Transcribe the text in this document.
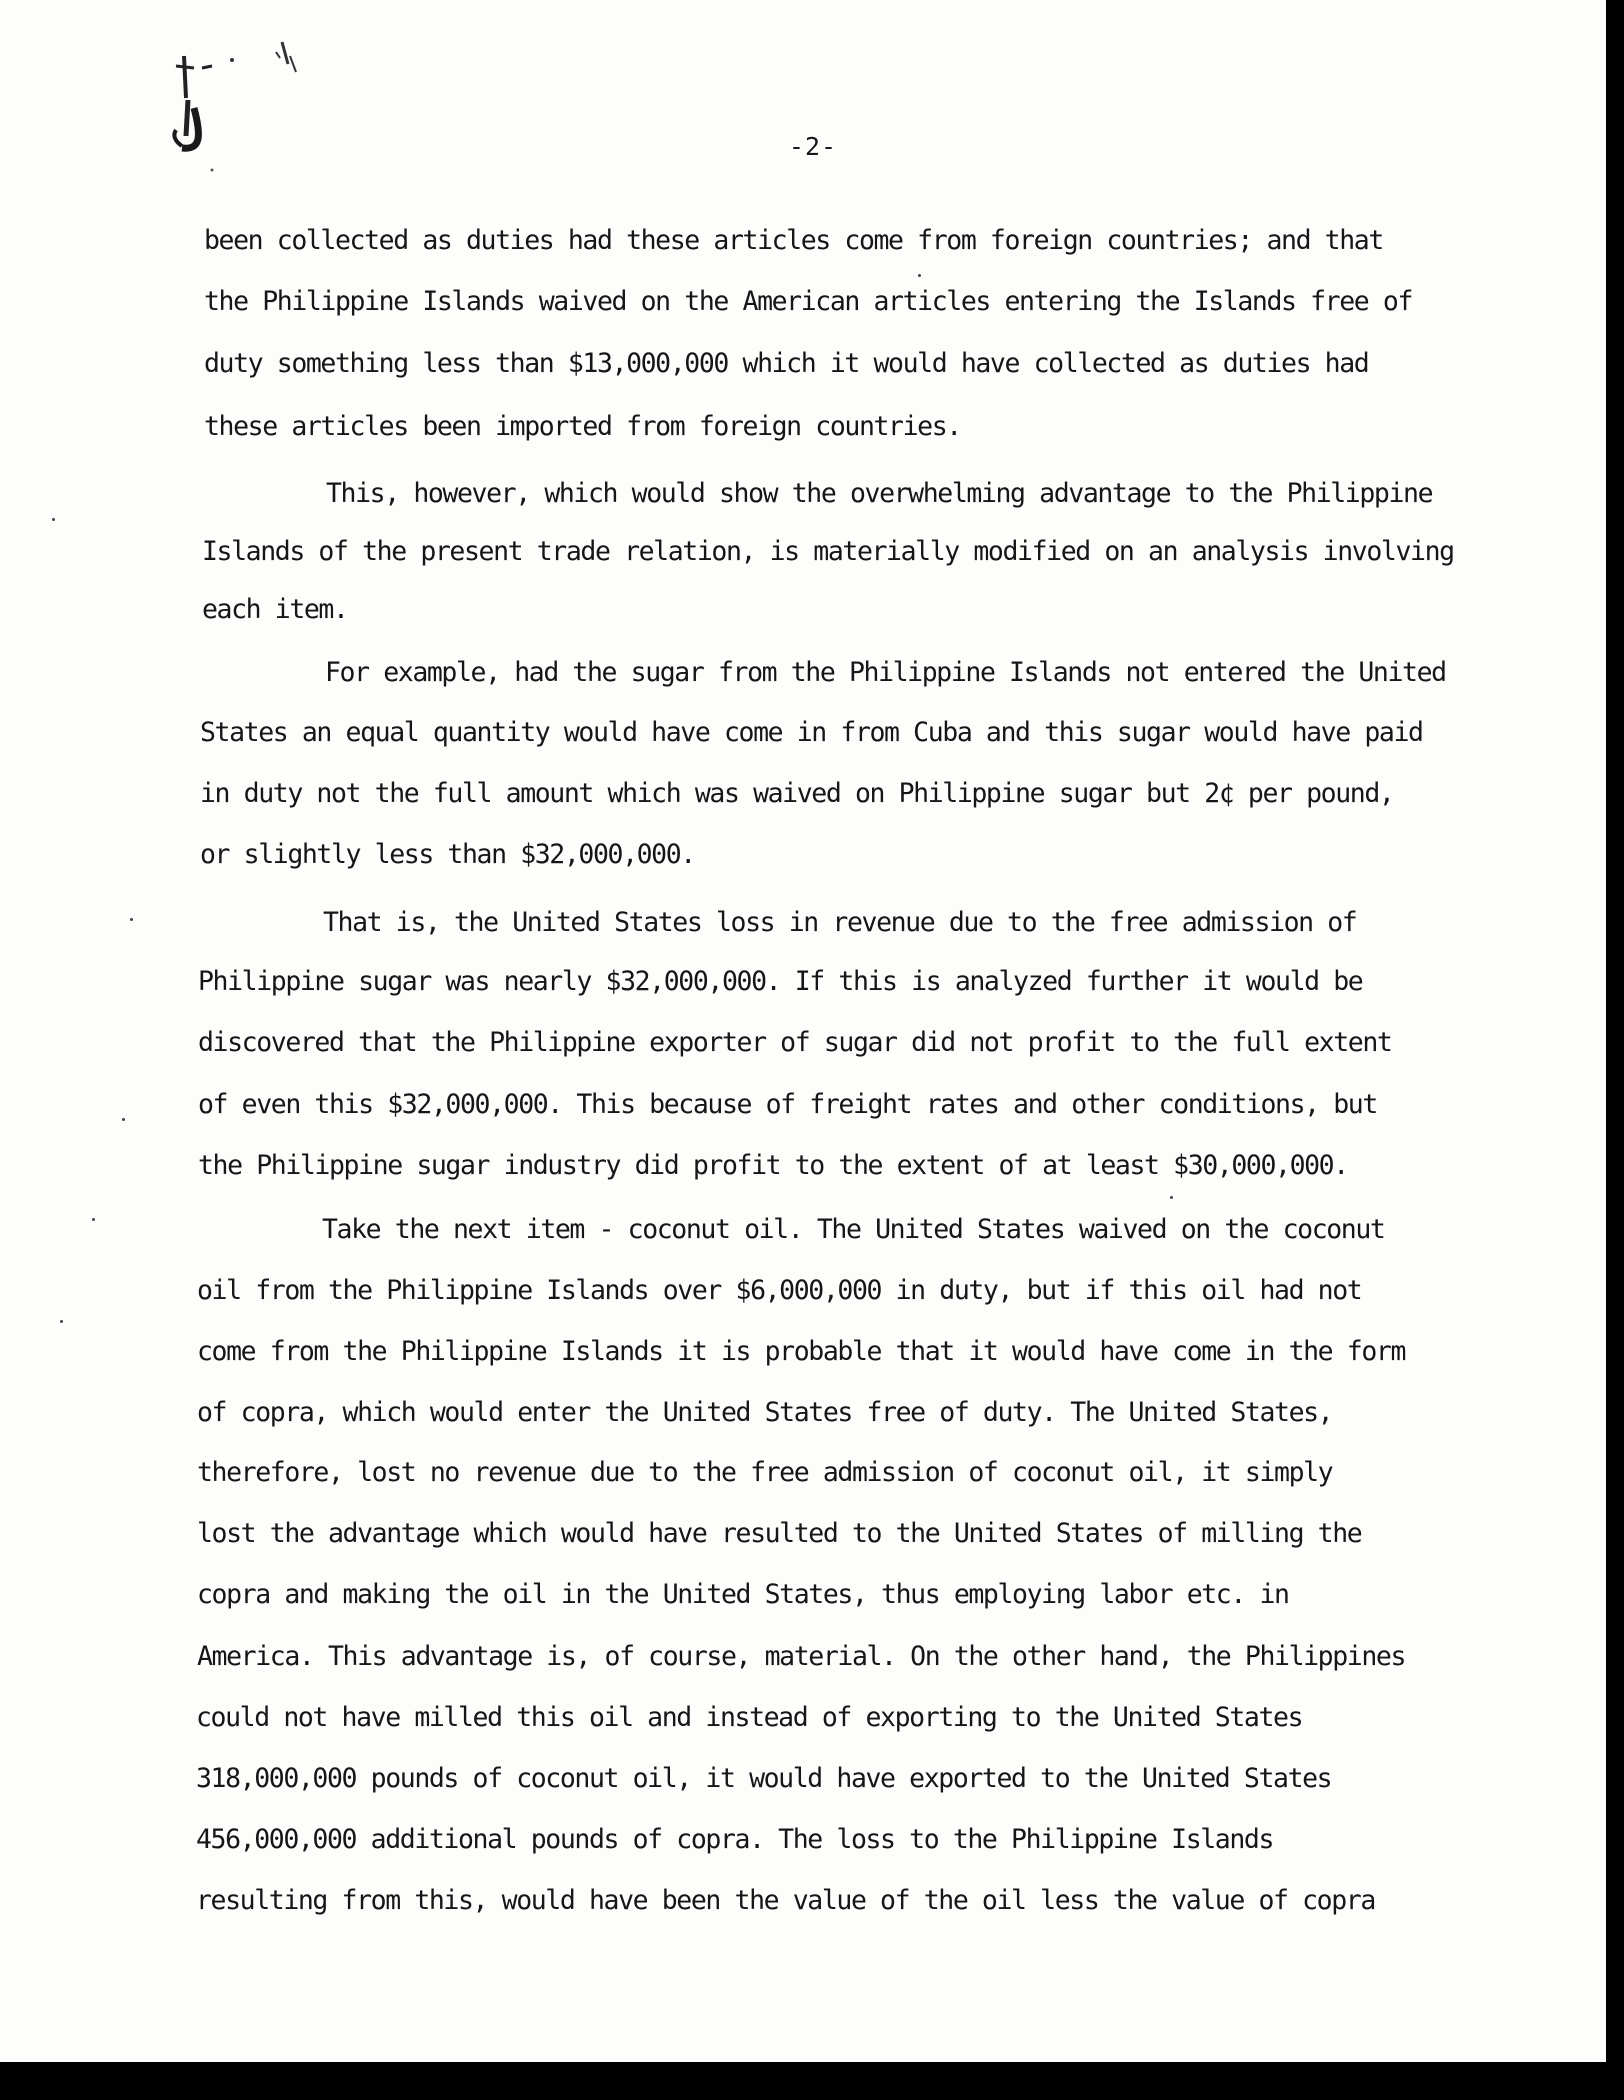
-2-
been collected as duties had these articles come from foreign countries; and that
the Philippine Islands waived on the American articles entering the Islands free of
duty something less than $13,000,000 which it would have collected as duties had
these articles been imported from foreign countries.
This, however, which would show the overwhelming advantage to the Philippine
Islands of the present trade relation, is materially modified on an analysis involving
each item.
For example, had the sugar from the Philippine Islands not entered the United
States an equal quantity would have come in from Cuba and this sugar would have paid
in duty not the full amount which was waived on Philippine sugar but 2¢ per pound,
or slightly less than $32,000,000.
That is, the United States loss in revenue due to the free admission of
Philippine sugar was nearly $32,000,000. If this is analyzed further it would be
discovered that the Philippine exporter of sugar did not profit to the full extent
of even this $32,000,000. This because of freight rates and other conditions, but
the Philippine sugar industry did profit to the extent of at least $30,000,000.
Take the next item - coconut oil. The United States waived on the coconut
oil from the Philippine Islands over $6,000,000 in duty, but if this oil had not
come from the Philippine Islands it is probable that it would have come in the form
of copra, which would enter the United States free of duty. The United States,
therefore, lost no revenue due to the free admission of coconut oil, it simply
lost the advantage which would have resulted to the United States of milling the
copra and making the oil in the United States, thus employing labor etc. in
America. This advantage is, of course, material. On the other hand, the Philippines
could not have milled this oil and instead of exporting to the United States
318,000,000 pounds of coconut oil, it would have exported to the United States
456,000,000 additional pounds of copra. The loss to the Philippine Islands
resulting from this, would have been the value of the oil less the value of copra
